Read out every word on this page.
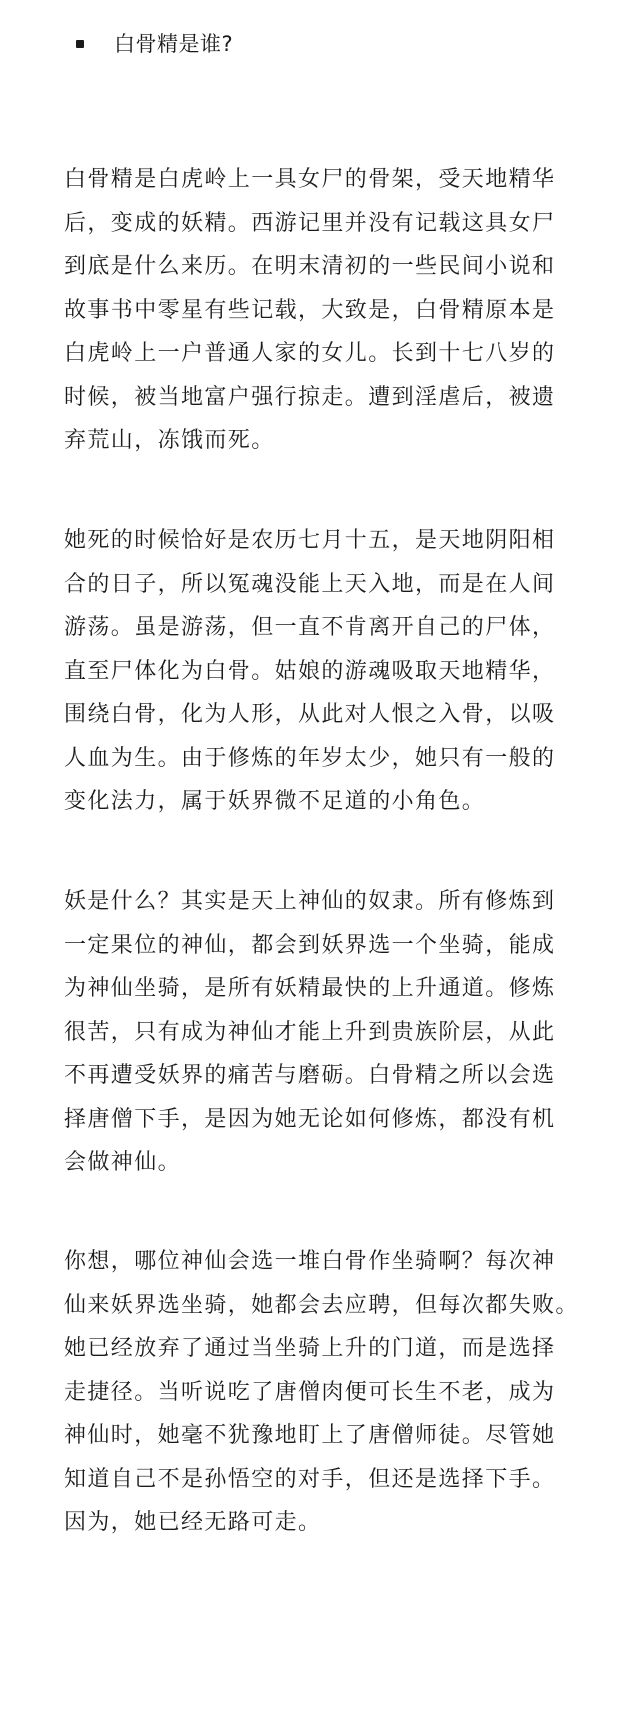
白骨精是谁?

白骨精是白虎岭上一具女尸的骨架，受天地精华
后，变成的妖精。西游记里并没有记载这具女尸
到底是什么来历。在明末清初的一些民间小说和
故事书中零星有些记载，大致是，白骨精原本是
白虎岭上一户普通人家的女儿。长到十七八岁的
时候，被当地富户强行掠走。遭到淫虐后，被遗
弃荒山，冻饿而死。

她死的时候恰好是农历七月十五，是天地阴阳相
合的日子，所以冤魂没能上天入地，而是在人间
游荡。虽是游荡，但一直不肯离开自己的尸体，
直至尸体化为白骨。姑娘的游魂吸取天地精华，
围绕白骨，化为人形，从此对人恨之入骨，以吸
人血为生。由于修炼的年岁太少，她只有一般的
变化法力，属于妖界微不足道的小角色。

妖是什么？其实是天上神仙的奴隶。所有修炼到
一定果位的神仙，都会到妖界选一个坐骑，能成
为神仙坐骑，是所有妖精最快的上升通道。修炼
很苦，只有成为神仙才能上升到贵族阶层，从此
不再遭受妖界的痛苦与磨砺。白骨精之所以会选
择唐僧下手，是因为她无论如何修炼，都没有机
会做神仙。

你想，哪位神仙会选一堆白骨作坐骑啊？每次神
仙来妖界选坐骑，她都会去应聘，但每次都失败。
她已经放弃了通过当坐骑上升的门道，而是选择
走捷径。当听说吃了唐僧肉便可长生不老，成为
神仙时，她毫不犹豫地盯上了唐僧师徒。尽管她
知道自己不是孙悟空的对手，但还是选择下手。
因为，她已经无路可走。
